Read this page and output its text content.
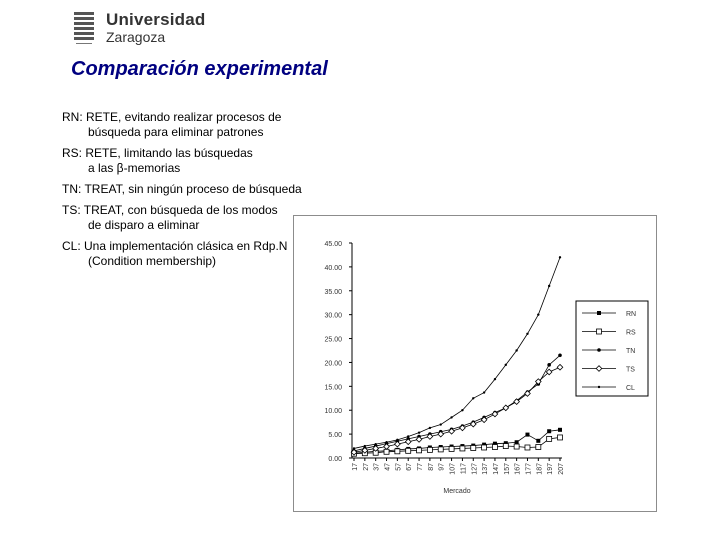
Universidad
Zaragoza
Comparación experimental
RN: RETE, evitando realizar procesos de
búsqueda para eliminar patrones
RS: RETE, limitando las búsquedas
a las β-memorias
TN: TREAT, sin ningún proceso de búsqueda
TS: TREAT, con búsqueda de los modos
de disparo a eliminar
CL: Una implementación clásica en Rdp.N
(Condition membership)
0.00
5.00
10.00
15.00
20.00
25.00
30.00
35.00
40.00
45.00
17 27 37 47 57 67 77 87 97 107 117 127 137 147 157 167 177 187 197 207
Mercado
RN
RS
TN
TS
CL
